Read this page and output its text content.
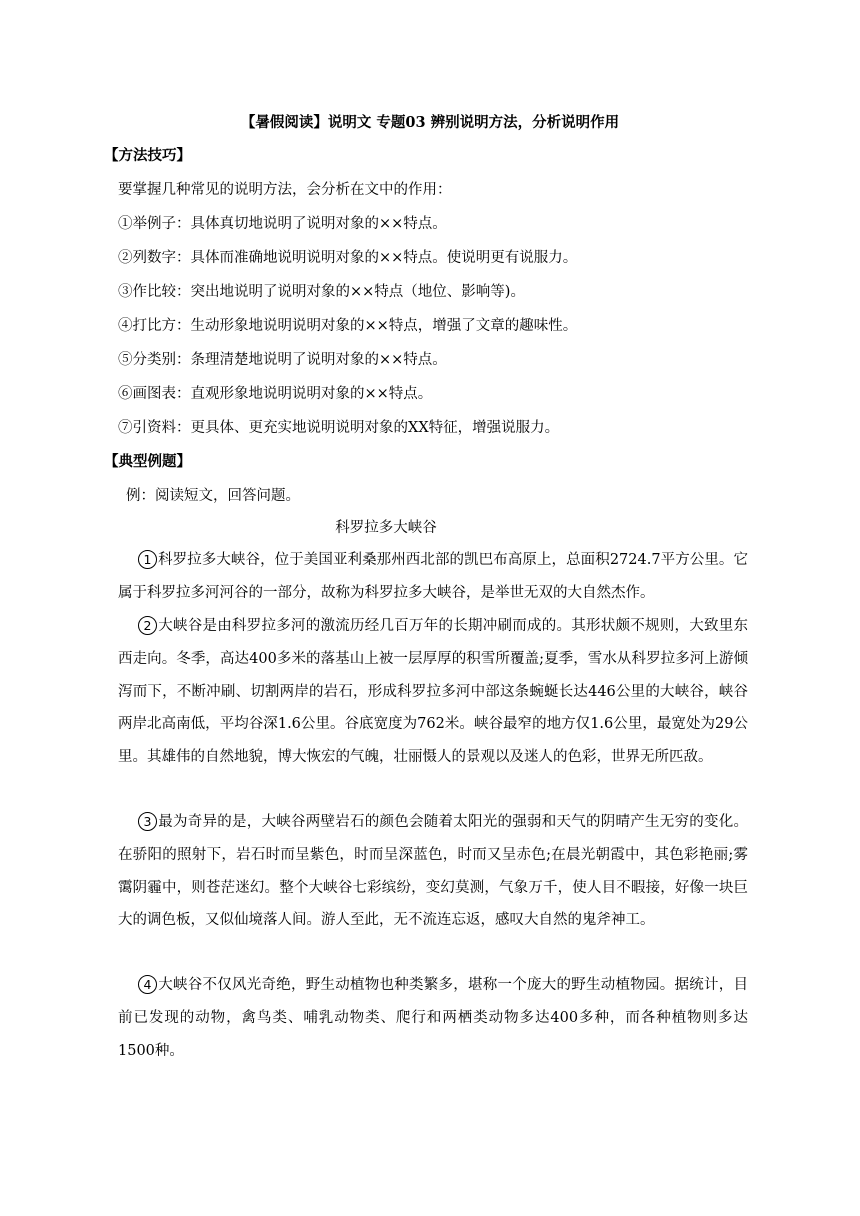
【暑假阅读】说明文 专题03 辨别说明方法，分析说明作用
【方法技巧】
要掌握几种常见的说明方法，会分析在文中的作用：
①举例子：具体真切地说明了说明对象的××特点。
②列数字：具体而准确地说明说明对象的××特点。使说明更有说服力。
③作比较：突出地说明了说明对象的××特点（地位、影响等)。
④打比方：生动形象地说明说明对象的××特点，增强了文章的趣味性。
⑤分类别：条理清楚地说明了说明对象的××特点。
⑥画图表：直观形象地说明说明对象的××特点。
⑦引资料：更具体、更充实地说明说明对象的XX特征，增强说服力。
【典型例题】
例：阅读短文，回答问题。
科罗拉多大峡谷
1 科罗拉多大峡谷，位于美国亚利桑那州西北部的凯巴布高原上，总面积2724.7平方公里。它属于科罗拉多河河谷的一部分，故称为科罗拉多大峡谷，是举世无双的大自然杰作。
2 大峡谷是由科罗拉多河的激流历经几百万年的长期冲刷而成的。其形状颇不规则，大致里东西走向。冬季，高达400多米的落基山上被一层厚厚的积雪所覆盖;夏季，雪水从科罗拉多河上游倾泻而下，不断冲刷、切割两岸的岩石，形成科罗拉多河中部这条蜿蜒长达446公里的大峡谷，峡谷两岸北高南低，平均谷深1.6公里。谷底宽度为762米。峡谷最窄的地方仅1.6公里，最宽处为29公里。其雄伟的自然地貌，博大恢宏的气魄，壮丽慑人的景观以及迷人的色彩，世界无所匹敌。
3 最为奇异的是，大峡谷两壁岩石的颜色会随着太阳光的强弱和天气的阴晴产生无穷的变化。在骄阳的照射下，岩石时而呈紫色，时而呈深蓝色，时而又呈赤色;在晨光朝霞中，其色彩艳丽;雾霭阴霾中，则苍茫迷幻。整个大峡谷七彩缤纷，变幻莫测，气象万千，使人目不暇接，好像一块巨大的调色板，又似仙境落人间。游人至此，无不流连忘返，感叹大自然的鬼斧神工。
4 大峡谷不仅风光奇绝，野生动植物也种类繁多，堪称一个庞大的野生动植物园。据统计，目前已发现的动物，禽鸟类、哺乳动物类、爬行和两栖类动物多达400多种，而各种植物则多达1500种。
